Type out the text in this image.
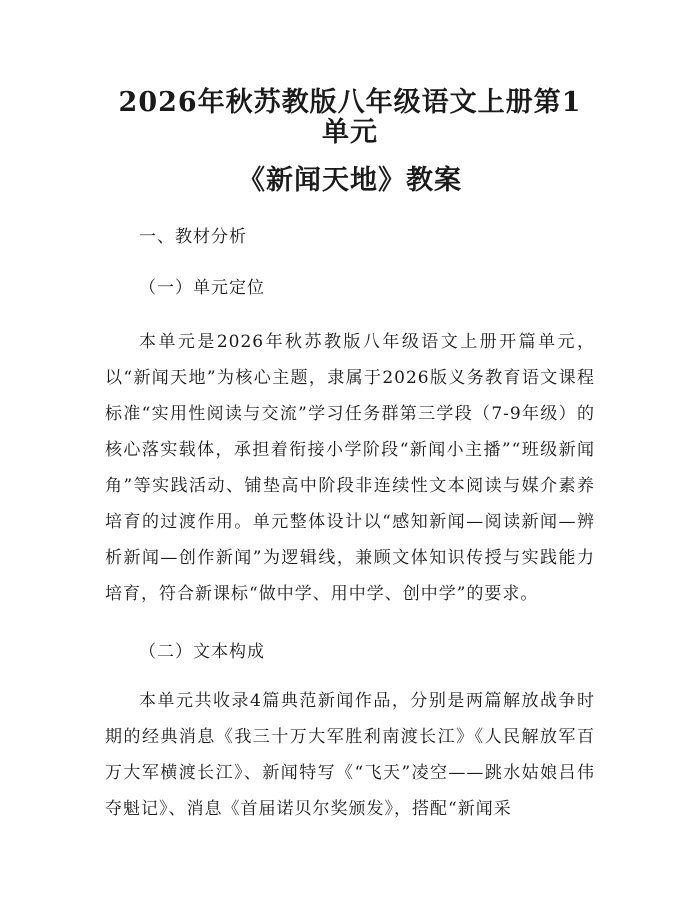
2026年秋苏教版八年级语文上册第1单元
《新闻天地》教案

一、教材分析

（一）单元定位

本单元是2026年秋苏教版八年级语文上册开篇单元，以“新闻天地”为核心主题，隶属于2026版义务教育语文课程标准“实用性阅读与交流”学习任务群第三学段（7-9年级）的核心落实载体，承担着衔接小学阶段“新闻小主播”“班级新闻角”等实践活动、铺垫高中阶段非连续性文本阅读与媒介素养培育的过渡作用。单元整体设计以“感知新闻—阅读新闻—辨析新闻—创作新闻”为逻辑线，兼顾文体知识传授与实践能力培育，符合新课标“做中学、用中学、创中学”的要求。

（二）文本构成

本单元共收录4篇典范新闻作品，分别是两篇解放战争时期的经典消息《我三十万大军胜利南渡长江》《人民解放军百万大军横渡长江》、新闻特写《“飞天”凌空——跳水姑娘吕伟夺魁记》、消息《首届诺贝尔奖颁发》，搭配“新闻采
